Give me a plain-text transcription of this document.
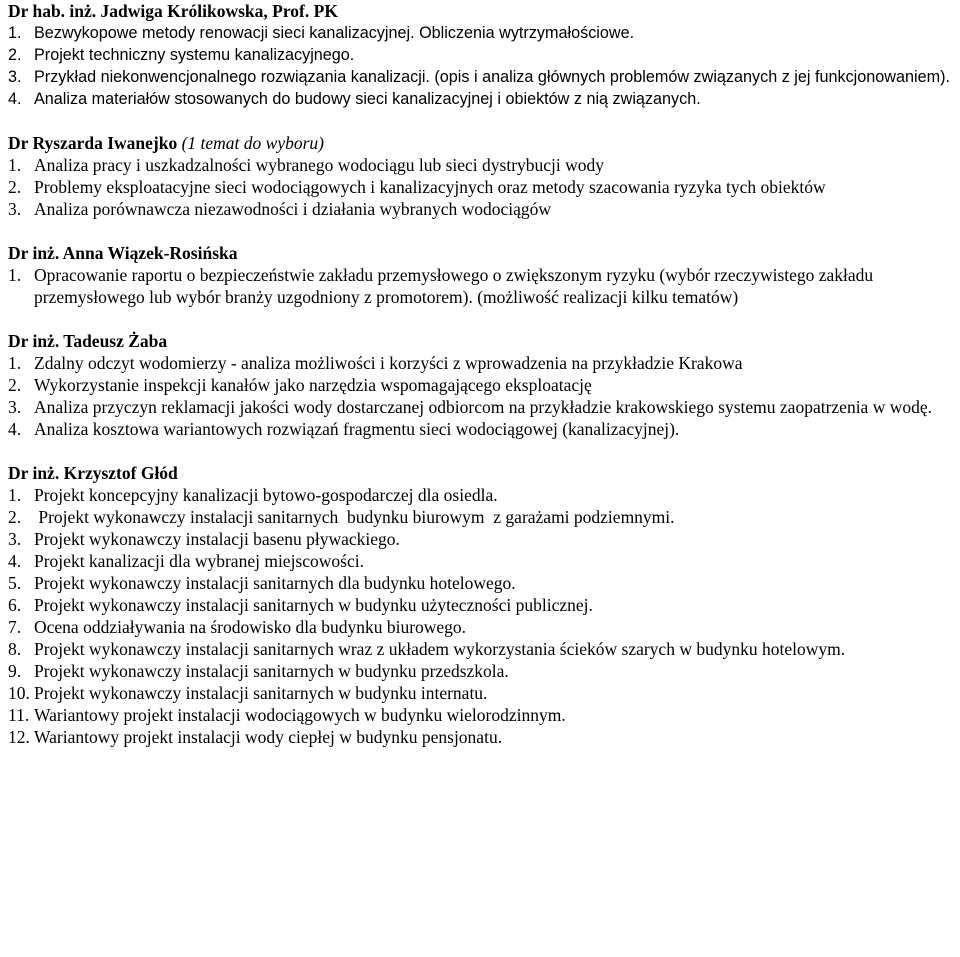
Dr hab. inż. Jadwiga Królikowska, Prof. PK

1. Bezwykopowe metody renowacji sieci kanalizacyjnej. Obliczenia wytrzymałościowe.
2. Projekt techniczny systemu kanalizacyjnego.
3. Przykład niekonwencjonalnego rozwiązania kanalizacji. (opis i analiza głównych problemów związanych z jej funkcjonowaniem).
4. Analiza materiałów stosowanych do budowy sieci kanalizacyjnej i obiektów z nią związanych.

Dr Ryszarda Iwanejko (1 temat do wyboru)

1. Analiza pracy i uszkadzalności wybranego wodociągu lub sieci dystrybucji wody
2. Problemy eksploatacyjne sieci wodociągowych i kanalizacyjnych oraz metody szacowania ryzyka tych obiektów
3. Analiza porównawcza niezawodności i działania wybranych wodociągów

Dr inż. Anna Wiązek-Rosińska

1. Opracowanie raportu o bezpieczeństwie zakładu przemysłowego o zwiększonym ryzyku (wybór rzeczywistego zakładu przemysłowego lub wybór branży uzgodniony z promotorem). (możliwość realizacji kilku tematów)

Dr inż. Tadeusz Żaba

1. Zdalny odczyt wodomierzy - analiza możliwości i korzyści z wprowadzenia na przykładzie Krakowa
2. Wykorzystanie inspekcji kanałów jako narzędzia wspomagającego eksploatację
3. Analiza przyczyn reklamacji jakości wody dostarczanej odbiorcom na przykładzie krakowskiego systemu zaopatrzenia w wodę.
4. Analiza kosztowa wariantowych rozwiązań fragmentu sieci wodociągowej (kanalizacyjnej).

Dr inż. Krzysztof Głód

1. Projekt koncepcyjny kanalizacji bytowo-gospodarczej dla osiedla.
2. Projekt wykonawczy instalacji sanitarnych  budynku biurowym  z garażami podziemnymi.
3. Projekt wykonawczy instalacji basenu pływackiego.
4. Projekt kanalizacji dla wybranej miejscowości.
5. Projekt wykonawczy instalacji sanitarnych dla budynku hotelowego.
6. Projekt wykonawczy instalacji sanitarnych w budynku użyteczności publicznej.
7. Ocena oddziaływania na środowisko dla budynku biurowego.
8. Projekt wykonawczy instalacji sanitarnych wraz z układem wykorzystania ścieków szarych w budynku hotelowym.
9. Projekt wykonawczy instalacji sanitarnych w budynku przedszkola.
10. Projekt wykonawczy instalacji sanitarnych w budynku internatu.
11. Wariantowy projekt instalacji wodociągowych w budynku wielorodzinnym.
12. Wariantowy projekt instalacji wody ciepłej w budynku pensjonatu.
